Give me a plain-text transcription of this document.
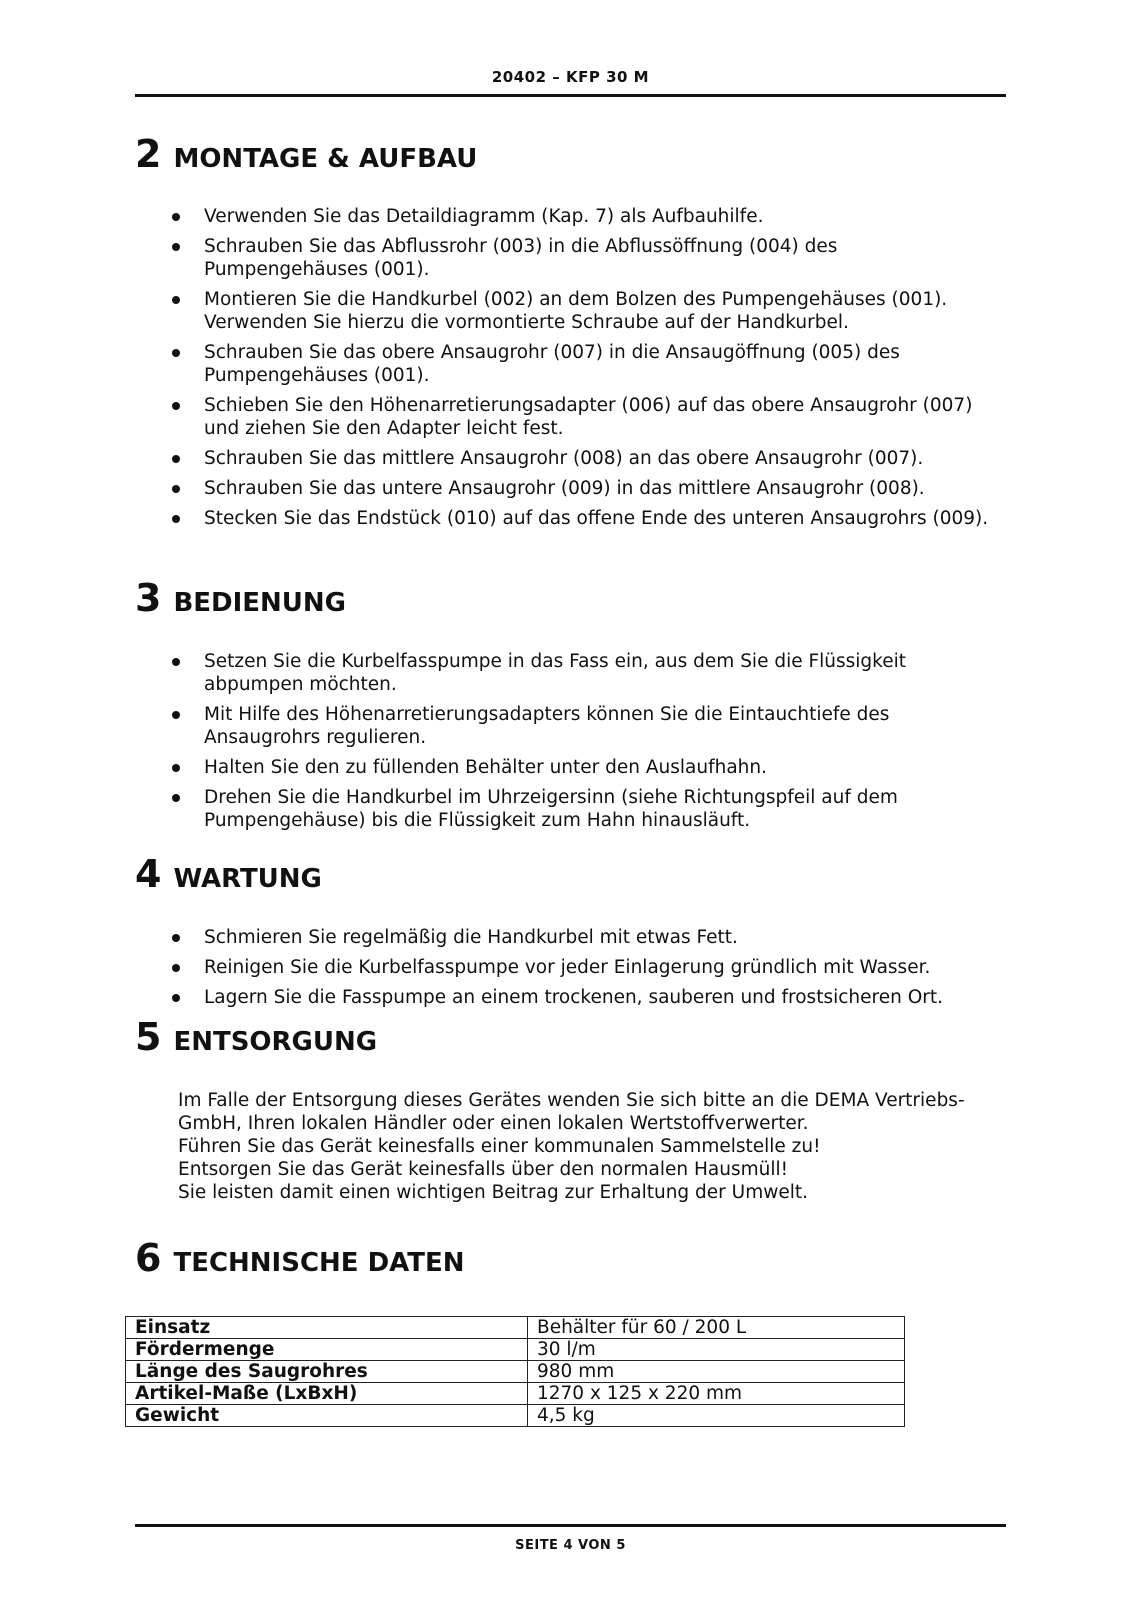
20402 – KFP 30 M
2 MONTAGE & AUFBAU
Verwenden Sie das Detaildiagramm (Kap. 7) als Aufbauhilfe.
Schrauben Sie das Abflussrohr (003) in die Abflussöffnung (004) des Pumpengehäuses (001).
Montieren Sie die Handkurbel (002) an dem Bolzen des Pumpengehäuses (001). Verwenden Sie hierzu die vormontierte Schraube auf der Handkurbel.
Schrauben Sie das obere Ansaugrohr (007) in die Ansaugöffnung (005) des Pumpengehäuses (001).
Schieben Sie den Höhenarretierungsadapter (006) auf das obere Ansaugrohr (007) und ziehen Sie den Adapter leicht fest.
Schrauben Sie das mittlere Ansaugrohr (008) an das obere Ansaugrohr (007).
Schrauben Sie das untere Ansaugrohr (009) in das mittlere Ansaugrohr (008).
Stecken Sie das Endstück (010) auf das offene Ende des unteren Ansaugrohrs (009).
3 BEDIENUNG
Setzen Sie die Kurbelfasspumpe in das Fass ein, aus dem Sie die Flüssigkeit abpumpen möchten.
Mit Hilfe des Höhenarretierungsadapters können Sie die Eintauchtiefe des Ansaugrohrs regulieren.
Halten Sie den zu füllenden Behälter unter den Auslaufhahn.
Drehen Sie die Handkurbel im Uhrzeigersinn (siehe Richtungspfeil auf dem Pumpengehäuse) bis die Flüssigkeit zum Hahn hinausläuft.
4 WARTUNG
Schmieren Sie regelmäßig die Handkurbel mit etwas Fett.
Reinigen Sie die Kurbelfasspumpe vor jeder Einlagerung gründlich mit Wasser.
Lagern Sie die Fasspumpe an einem trockenen, sauberen und frostsicheren Ort.
5 ENTSORGUNG
Im Falle der Entsorgung dieses Gerätes wenden Sie sich bitte an die DEMA Vertriebs-
GmbH, Ihren lokalen Händler oder einen lokalen Wertstoffverwerter.
Führen Sie das Gerät keinesfalls einer kommunalen Sammelstelle zu!
Entsorgen Sie das Gerät keinesfalls über den normalen Hausmüll!
Sie leisten damit einen wichtigen Beitrag zur Erhaltung der Umwelt.
6 TECHNISCHE DATEN
Einsatz	Behälter für 60 / 200 L
Fördermenge	30 l/m
Länge des Saugrohres	980 mm
Artikel-Maße (LxBxH)	1270 x 125 x 220 mm
Gewicht	4,5 kg
SEITE 4 VON 5
